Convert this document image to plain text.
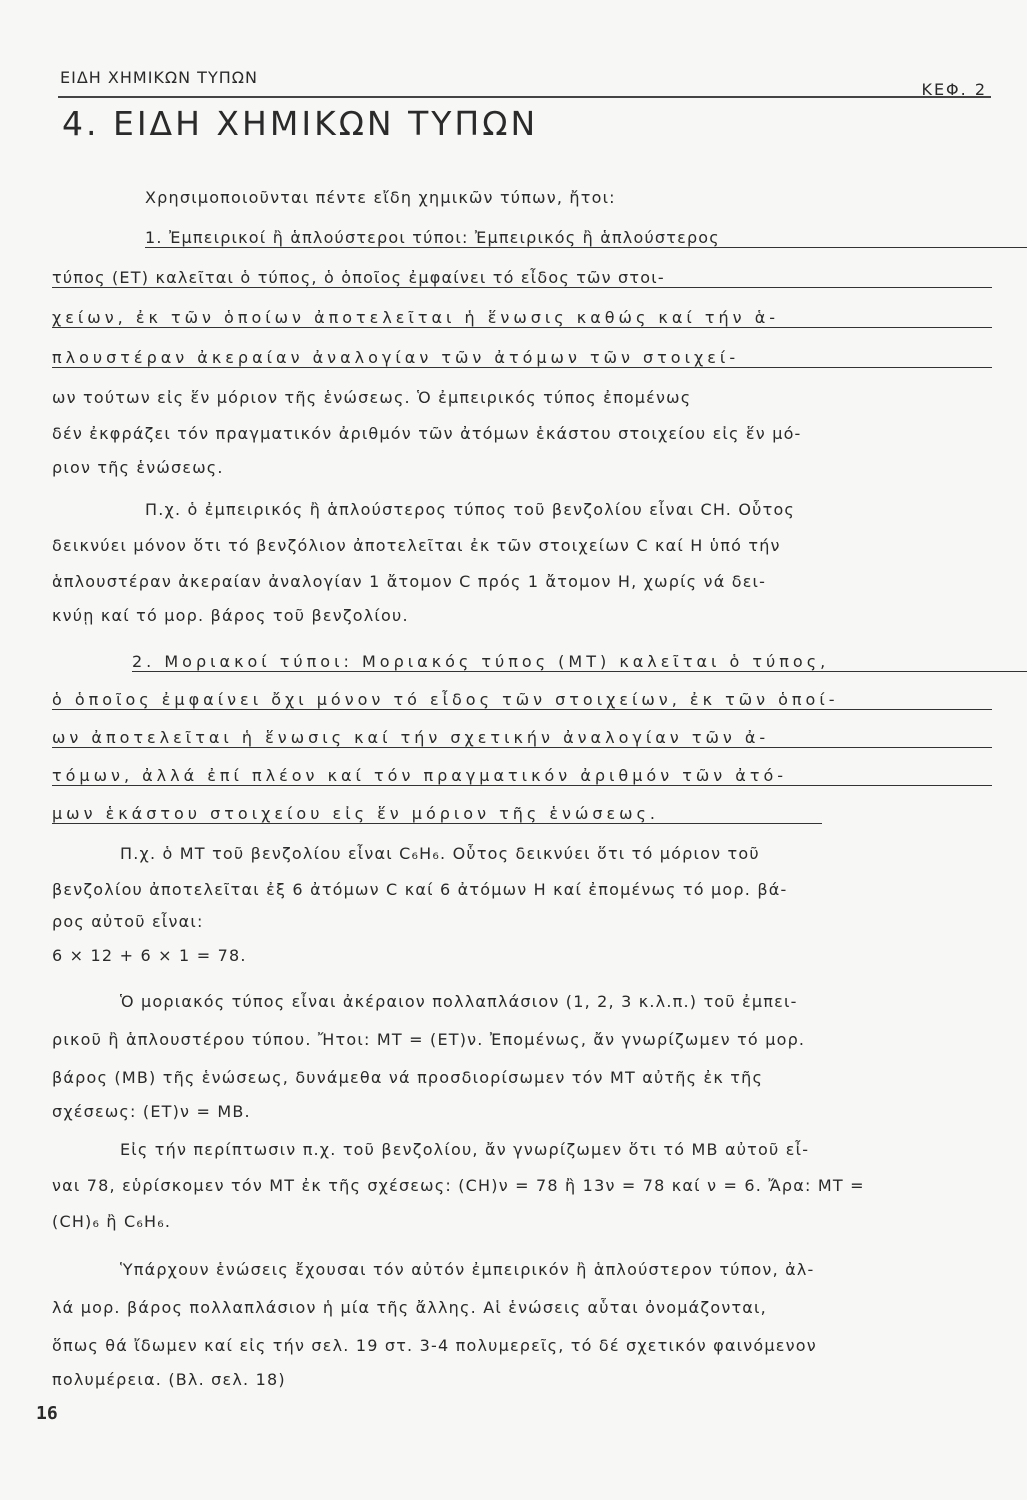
ΕΙΔΗ ΧΗΜΙΚΩΝ ΤΥΠΩΝ
ΚΕΦ. 2
4. ΕΙΔΗ ΧΗΜΙΚΩΝ ΤΥΠΩΝ
Χρησιμοποιοῦνται πέντε εἴδη χημικῶν τύπων, ἤτοι:
1. Ἐμπειρικοί ἢ ἁπλούστεροι τύποι: Ἐμπειρικός ἢ ἁπλούστερος
τύπος (ΕΤ) καλεῖται ὁ τύπος, ὁ ὁποῖος ἐμφαίνει τό εἶδος τῶν στοι-
χείων, ἐκ τῶν ὁποίων ἀποτελεῖται ἡ ἕνωσις καθώς καί τήν ἁ-
πλουστέραν ἀκεραίαν ἀναλογίαν τῶν ἀτόμων τῶν στοιχεί-
ων τούτων εἰς ἕν μόριον τῆς ἑνώσεως. Ὁ ἐμπειρικός τύπος ἐπομένως
δέν ἐκφράζει τόν πραγματικόν ἀριθμόν τῶν ἀτόμων ἑκάστου στοιχείου εἰς ἕν μό-
ριον τῆς ἑνώσεως.
Π.χ. ὁ ἐμπειρικός ἢ ἁπλούστερος τύπος τοῦ βενζολίου εἶναι CH. Οὗτος
δεικνύει μόνον ὅτι τό βενζόλιον ἀποτελεῖται ἐκ τῶν στοιχείων C καί H ὑπό τήν
ἁπλουστέραν ἀκεραίαν ἀναλογίαν 1 ἄτομον C πρός 1 ἄτομον H, χωρίς νά δει-
κνύῃ καί τό μορ. βάρος τοῦ βενζολίου.
2. Μοριακοί τύποι: Μοριακός τύπος (ΜΤ) καλεῖται ὁ τύπος,
ὁ ὁποῖος ἐμφαίνει ὄχι μόνον τό εἶδος τῶν στοιχείων, ἐκ τῶν ὁποί-
ων ἀποτελεῖται ἡ ἕνωσις καί τήν σχετικήν ἀναλογίαν τῶν ἀ-
τόμων, ἀλλά ἐπί πλέον καί τόν πραγματικόν ἀριθμόν τῶν ἀτό-
μων ἑκάστου στοιχείου εἰς ἕν μόριον τῆς ἑνώσεως.
Π.χ. ὁ ΜΤ τοῦ βενζολίου εἶναι C₆H₆. Οὗτος δεικνύει ὅτι τό μόριον τοῦ
βενζολίου ἀποτελεῖται ἐξ 6 ἀτόμων C καί 6 ἀτόμων H καί ἐπομένως τό μορ. βά-
ρος αὐτοῦ εἶναι:
6 × 12 + 6 × 1 = 78.
Ὁ μοριακός τύπος εἶναι ἀκέραιον πολλαπλάσιον (1, 2, 3 κ.λ.π.) τοῦ ἐμπει-
ρικοῦ ἢ ἁπλουστέρου τύπου. Ἤτοι: ΜΤ = (ΕΤ)ν. Ἐπομένως, ἄν γνωρίζωμεν τό μορ.
βάρος (ΜΒ) τῆς ἑνώσεως, δυνάμεθα νά προσδιορίσωμεν τόν ΜΤ αὐτῆς ἐκ τῆς
σχέσεως: (ΕΤ)ν = ΜΒ.
Εἰς τήν περίπτωσιν π.χ. τοῦ βενζολίου, ἄν γνωρίζωμεν ὅτι τό ΜΒ αὐτοῦ εἶ-
ναι 78, εὑρίσκομεν τόν ΜΤ ἐκ τῆς σχέσεως: (CH)ν = 78 ἢ 13ν = 78 καί ν = 6. Ἄρα: ΜΤ =
(CH)₆ ἢ C₆H₆.
Ὑπάρχουν ἑνώσεις ἔχουσαι τόν αὐτόν ἐμπειρικόν ἢ ἁπλούστερον τύπον, ἀλ-
λά μορ. βάρος πολλαπλάσιον ἡ μία τῆς ἄλλης. Αἱ ἑνώσεις αὗται ὀνομάζονται,
ὅπως θά ἴδωμεν καί εἰς τήν σελ. 19 στ. 3-4 πολυμερεῖς, τό δέ σχετικόν φαινόμενον
πολυμέρεια. (Βλ. σελ. 18)
16
